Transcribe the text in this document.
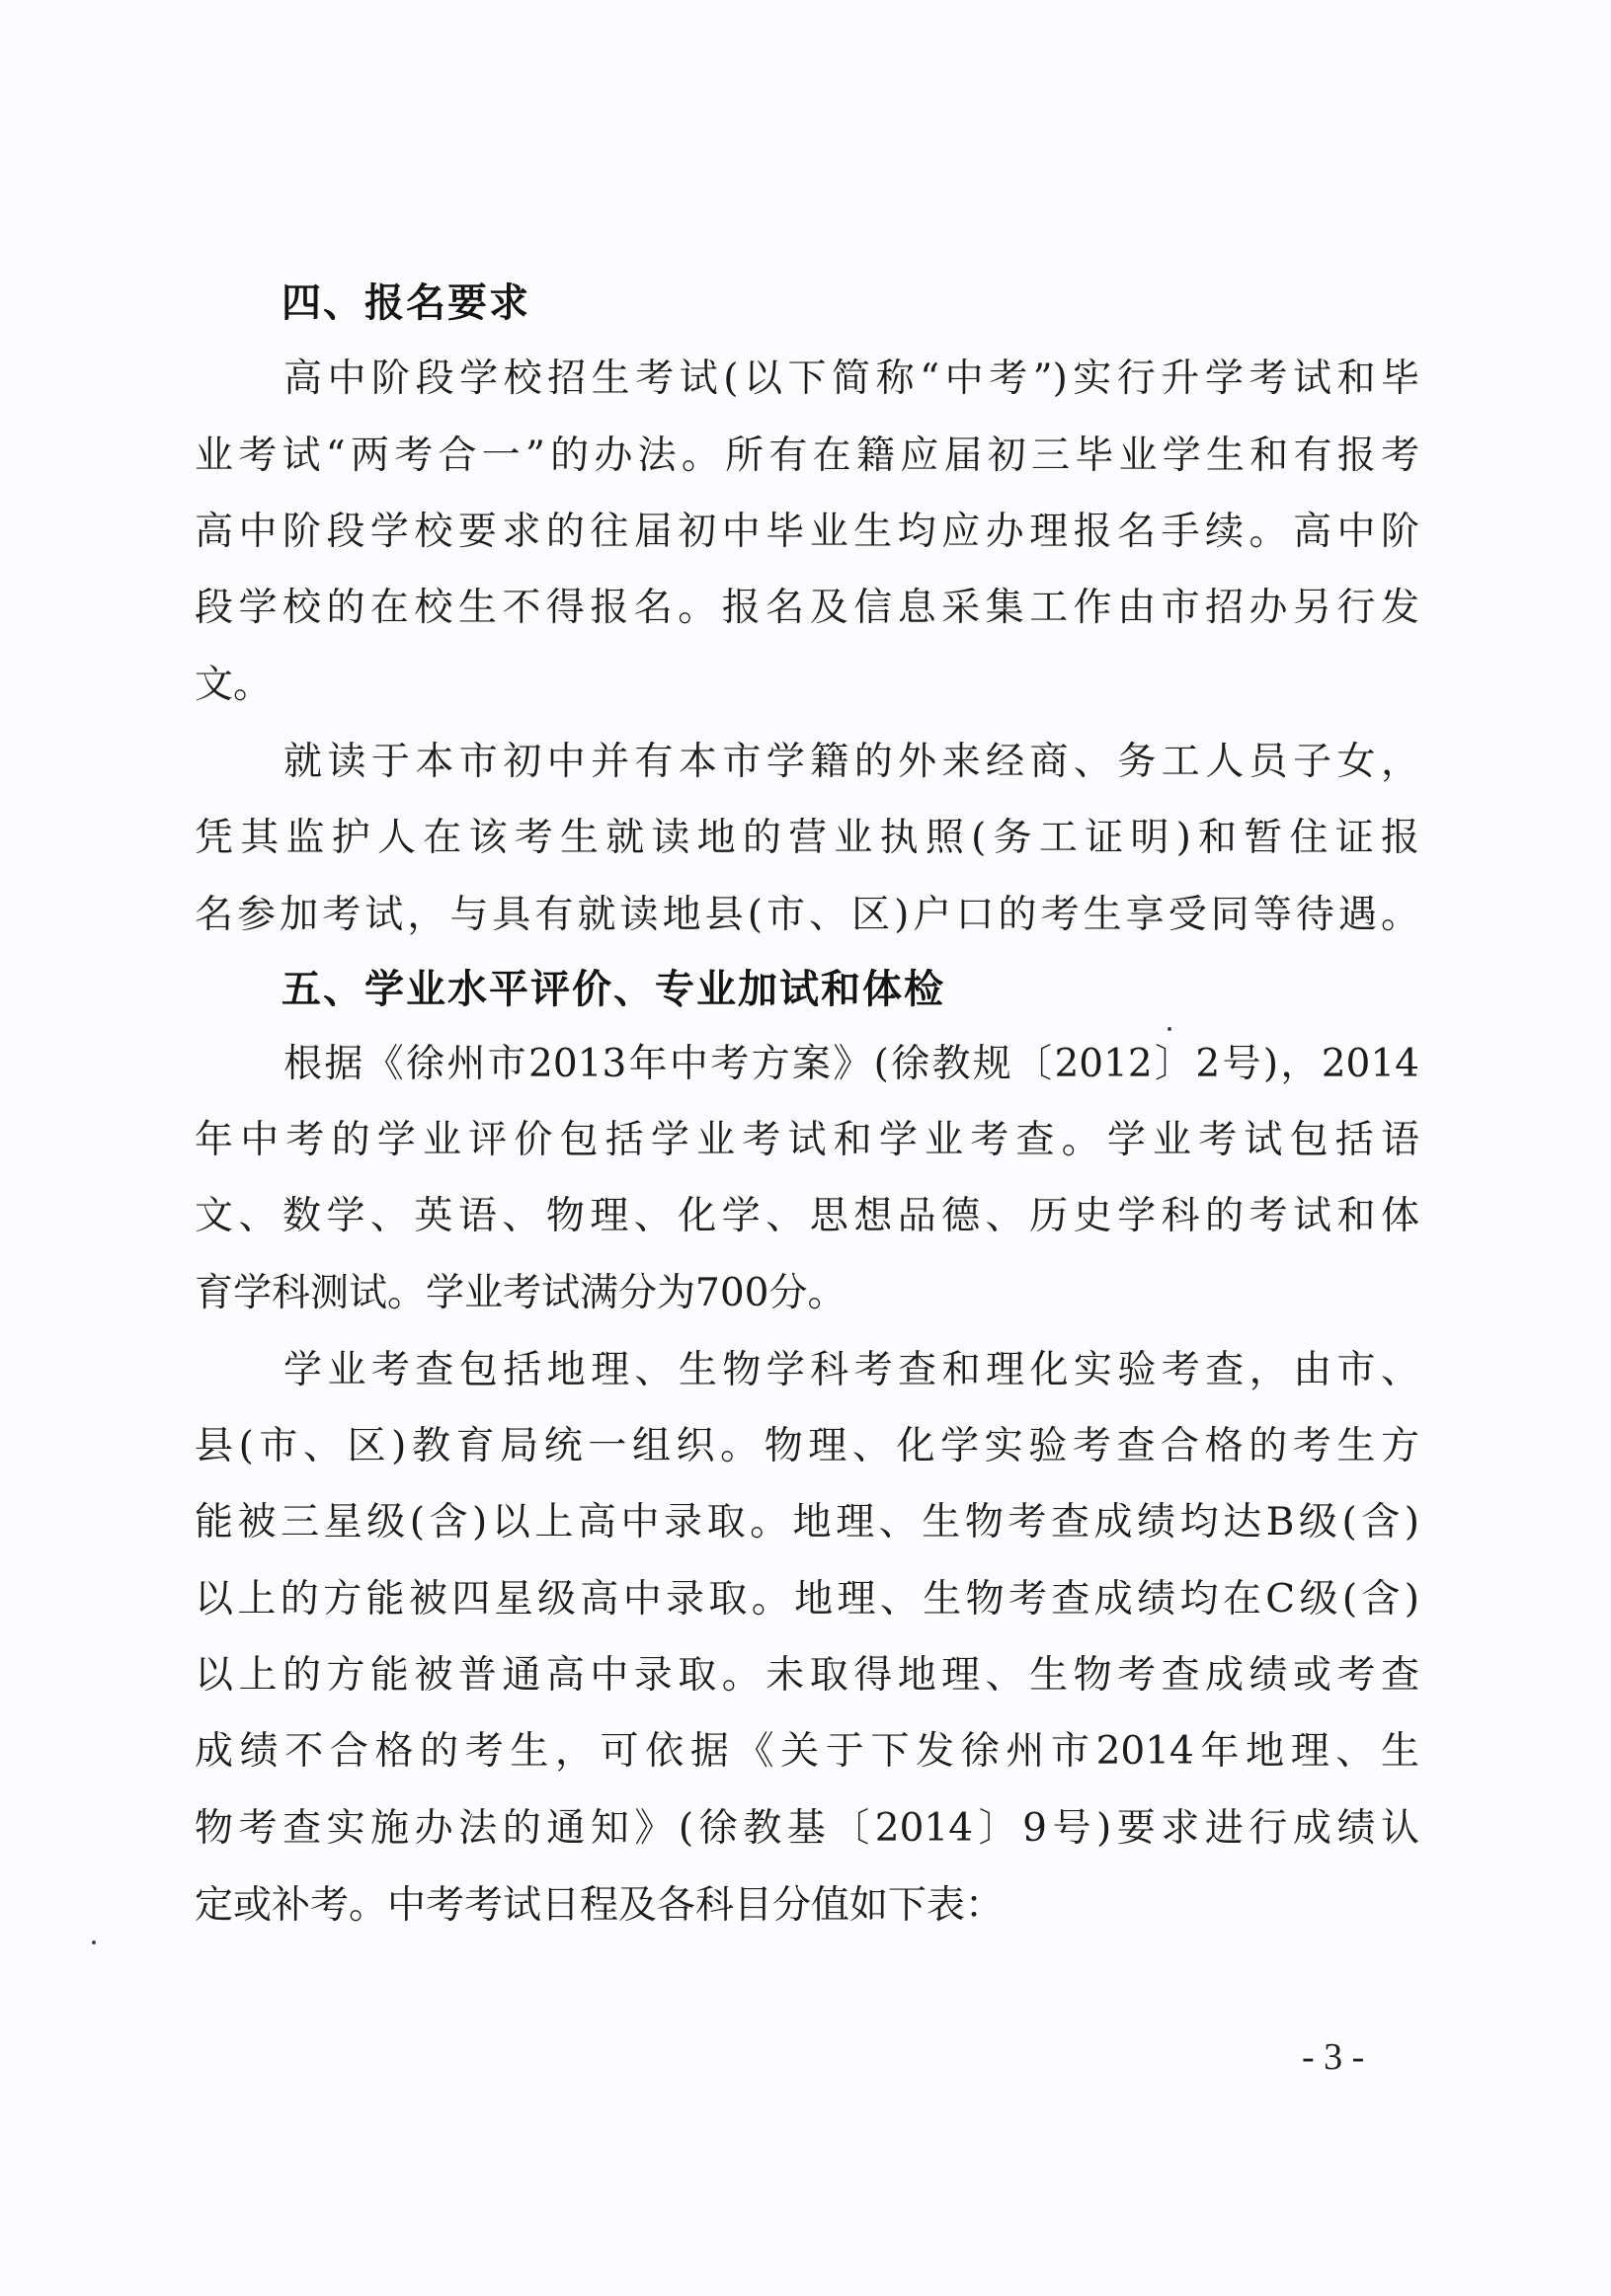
四、报名要求
高中阶段学校招生考试(以下简称“中考”)实行升学考试和毕
业考试“两考合一”的办法。所有在籍应届初三毕业学生和有报考
高中阶段学校要求的往届初中毕业生均应办理报名手续。高中阶
段学校的在校生不得报名。报名及信息采集工作由市招办另行发
文。
就读于本市初中并有本市学籍的外来经商、务工人员子女，
凭其监护人在该考生就读地的营业执照(务工证明)和暂住证报
名参加考试，与具有就读地县(市、区)户口的考生享受同等待遇。
五、学业水平评价、专业加试和体检
根据《徐州市2013年中考方案》(徐教规〔2012〕2号)，2014
年中考的学业评价包括学业考试和学业考查。学业考试包括语
文、数学、英语、物理、化学、思想品德、历史学科的考试和体
育学科测试。学业考试满分为700分。
学业考查包括地理、生物学科考查和理化实验考查，由市、
县(市、区)教育局统一组织。物理、化学实验考查合格的考生方
能被三星级(含)以上高中录取。地理、生物考查成绩均达B级(含)
以上的方能被四星级高中录取。地理、生物考查成绩均在C级(含)
以上的方能被普通高中录取。未取得地理、生物考查成绩或考查
成绩不合格的考生，可依据《关于下发徐州市2014年地理、生
物考查实施办法的通知》(徐教基〔2014〕9号)要求进行成绩认
定或补考。中考考试日程及各科目分值如下表：
- 3 -
